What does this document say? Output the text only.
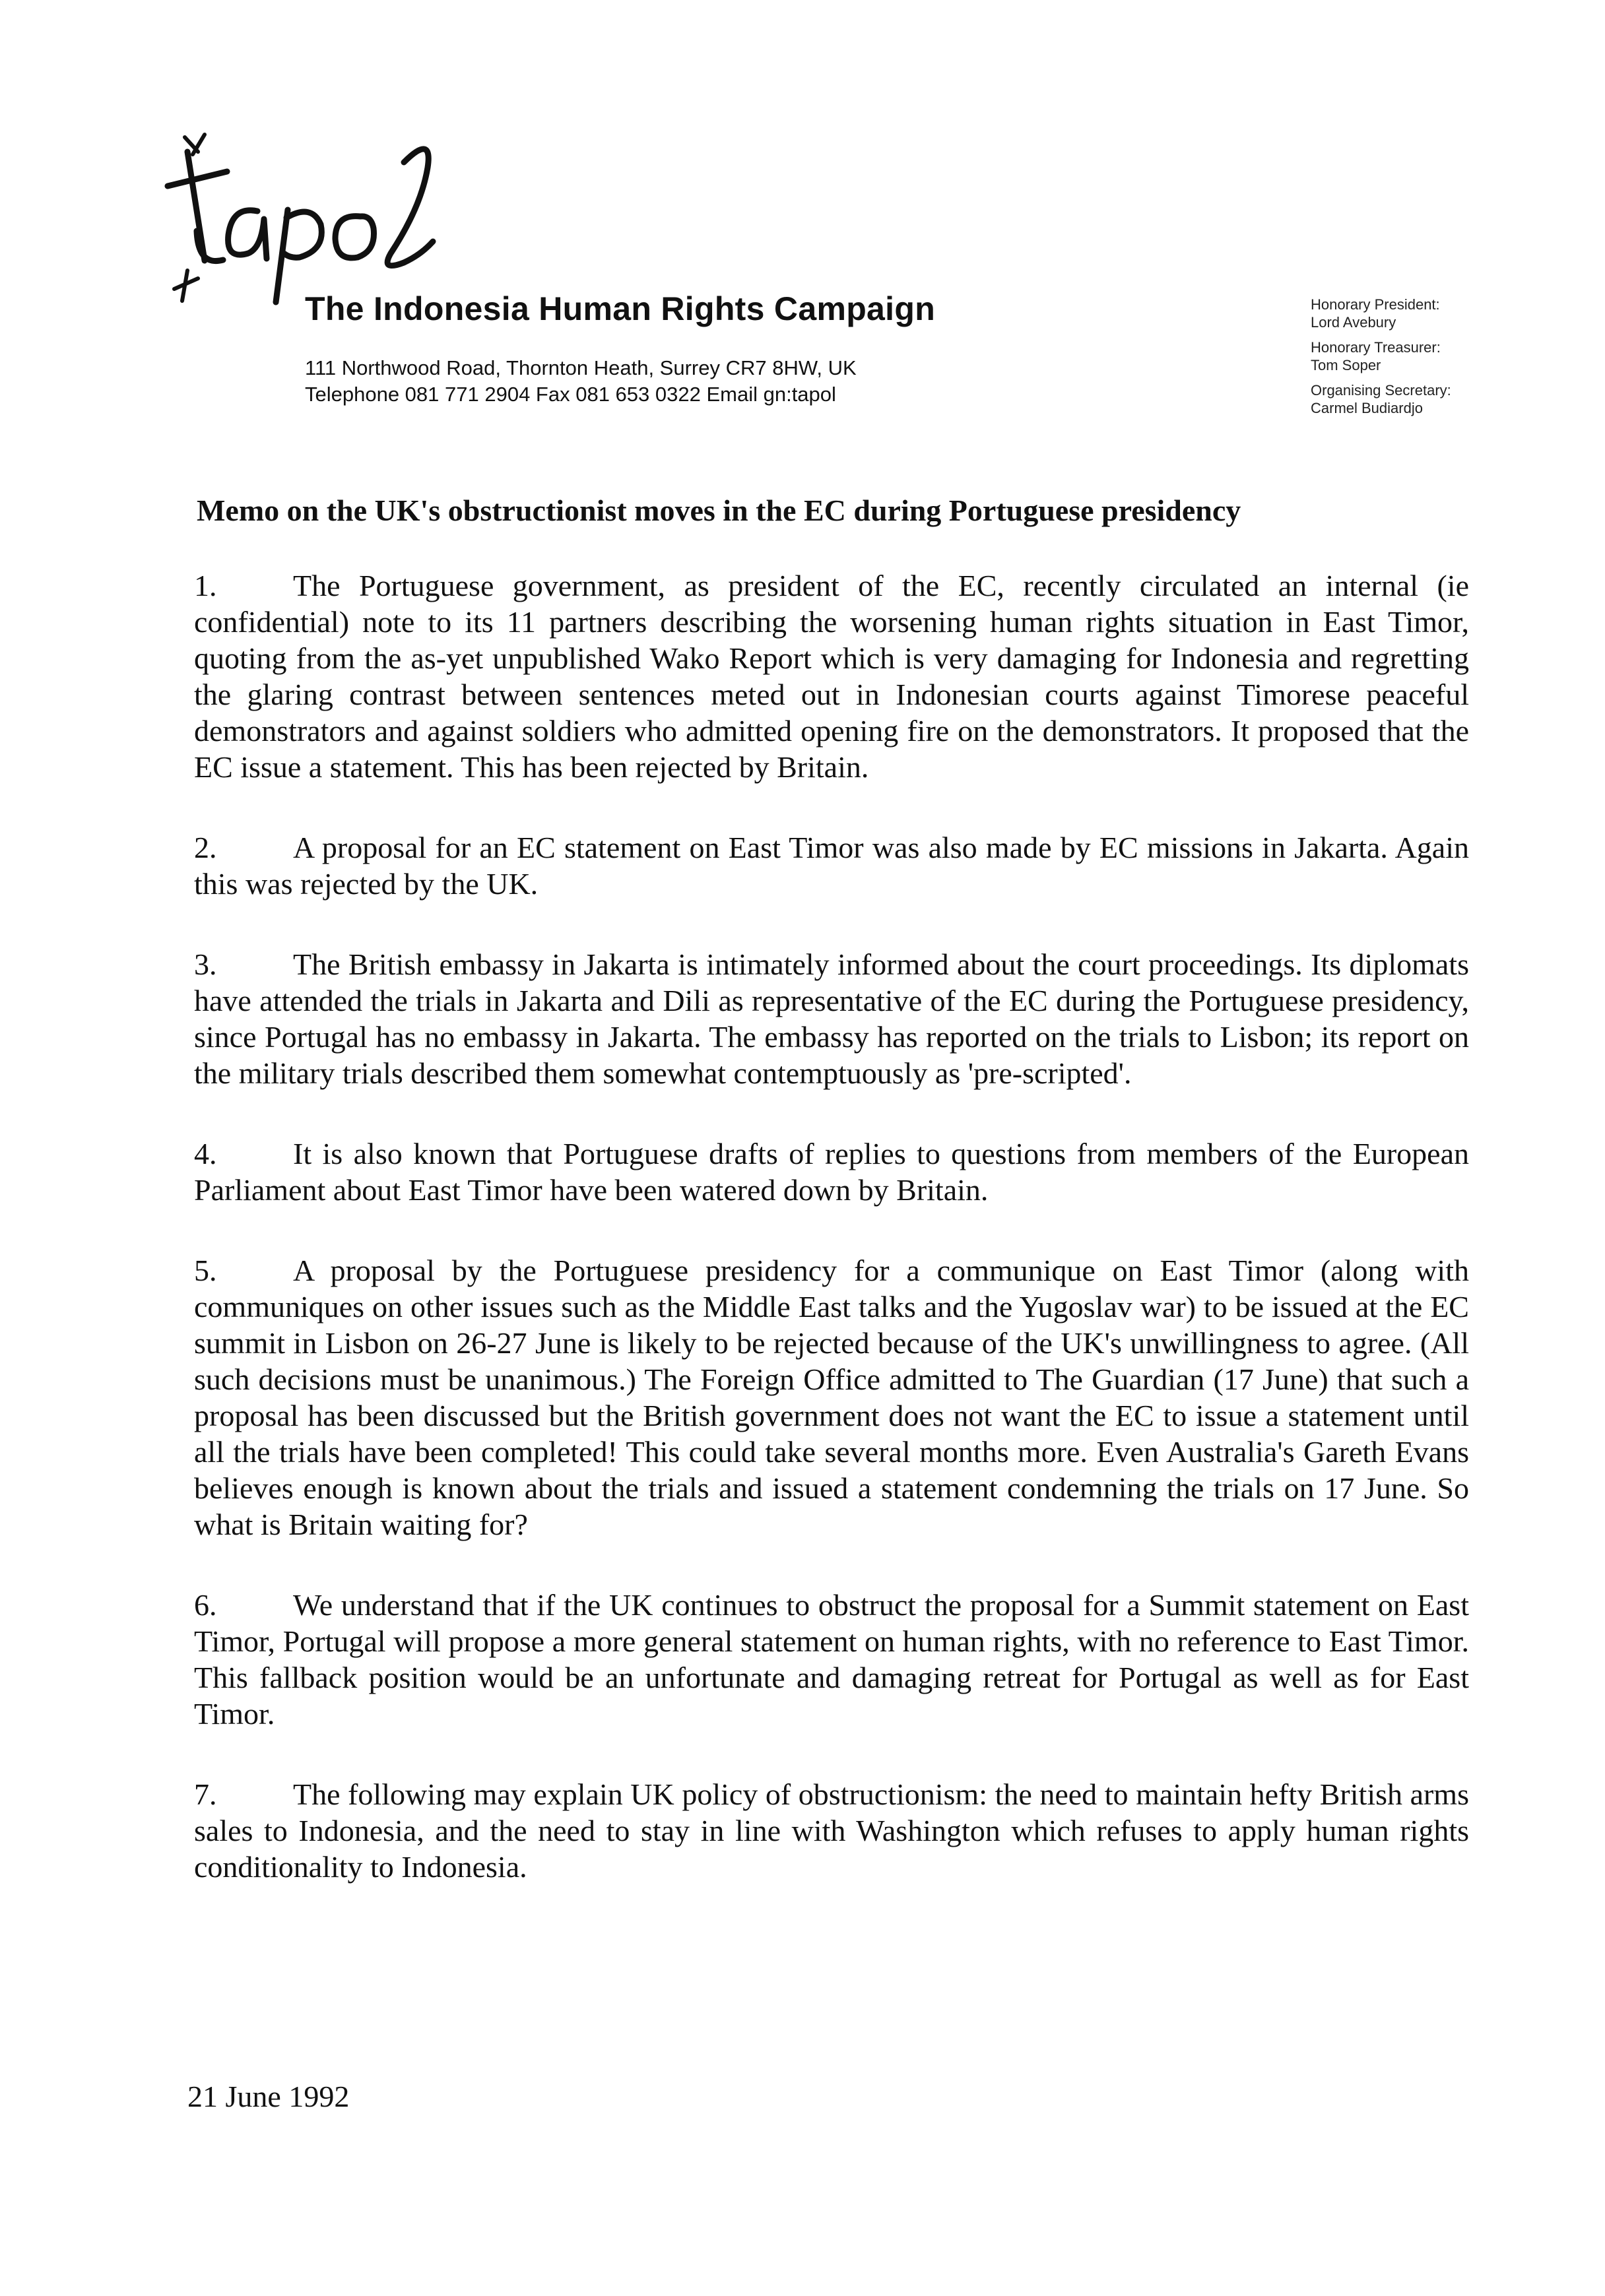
The Indonesia Human Rights Campaign
111 Northwood Road, Thornton Heath, Surrey CR7 8HW, UK
Telephone 081 771 2904 Fax 081 653 0322 Email gn:tapol
Honorary President:
Lord Avebury
Honorary Treasurer:
Tom Soper
Organising Secretary:
Carmel Budiardjo
Memo on the UK's obstructionist moves in the EC during Portuguese presidency

1.	The Portuguese government, as president of the EC, recently circulated an internal (ie confidential) note to its 11 partners describing the worsening human rights situation in East Timor, quoting from the as-yet unpublished Wako Report which is very damaging for Indonesia and regretting the glaring contrast between sentences meted out in Indonesian courts against Timorese peaceful demonstrators and against soldiers who admitted opening fire on the demonstrators. It proposed that the EC issue a statement. This has been rejected by Britain.

2.	A proposal for an EC statement on East Timor was also made by EC missions in Jakarta. Again this was rejected by the UK.

3.	The British embassy in Jakarta is intimately informed about the court proceedings. Its diplomats have attended the trials in Jakarta and Dili as representative of the EC during the Portuguese presidency, since Portugal has no embassy in Jakarta. The embassy has reported on the trials to Lisbon; its report on the military trials described them somewhat contemptuously as 'pre-scripted'.

4.	It is also known that Portuguese drafts of replies to questions from members of the European Parliament about East Timor have been watered down by Britain.

5.	A proposal by the Portuguese presidency for a communique on East Timor (along with communiques on other issues such as the Middle East talks and the Yugoslav war) to be issued at the EC summit in Lisbon on 26-27 June is likely to be rejected because of the UK's unwillingness to agree. (All such decisions must be unanimous.) The Foreign Office admitted to The Guardian (17 June) that such a proposal has been discussed but the British government does not want the EC to issue a statement until all the trials have been completed! This could take several months more. Even Australia's Gareth Evans believes enough is known about the trials and issued a statement condemning the trials on 17 June. So what is Britain waiting for?

6.	We understand that if the UK continues to obstruct the proposal for a Summit statement on East Timor, Portugal will propose a more general statement on human rights, with no reference to East Timor. This fallback position would be an unfortunate and damaging retreat for Portugal as well as for East Timor.

7.	The following may explain UK policy of obstructionism: the need to maintain hefty British arms sales to Indonesia, and the need to stay in line with Washington which refuses to apply human rights conditionality to Indonesia.

21 June 1992
